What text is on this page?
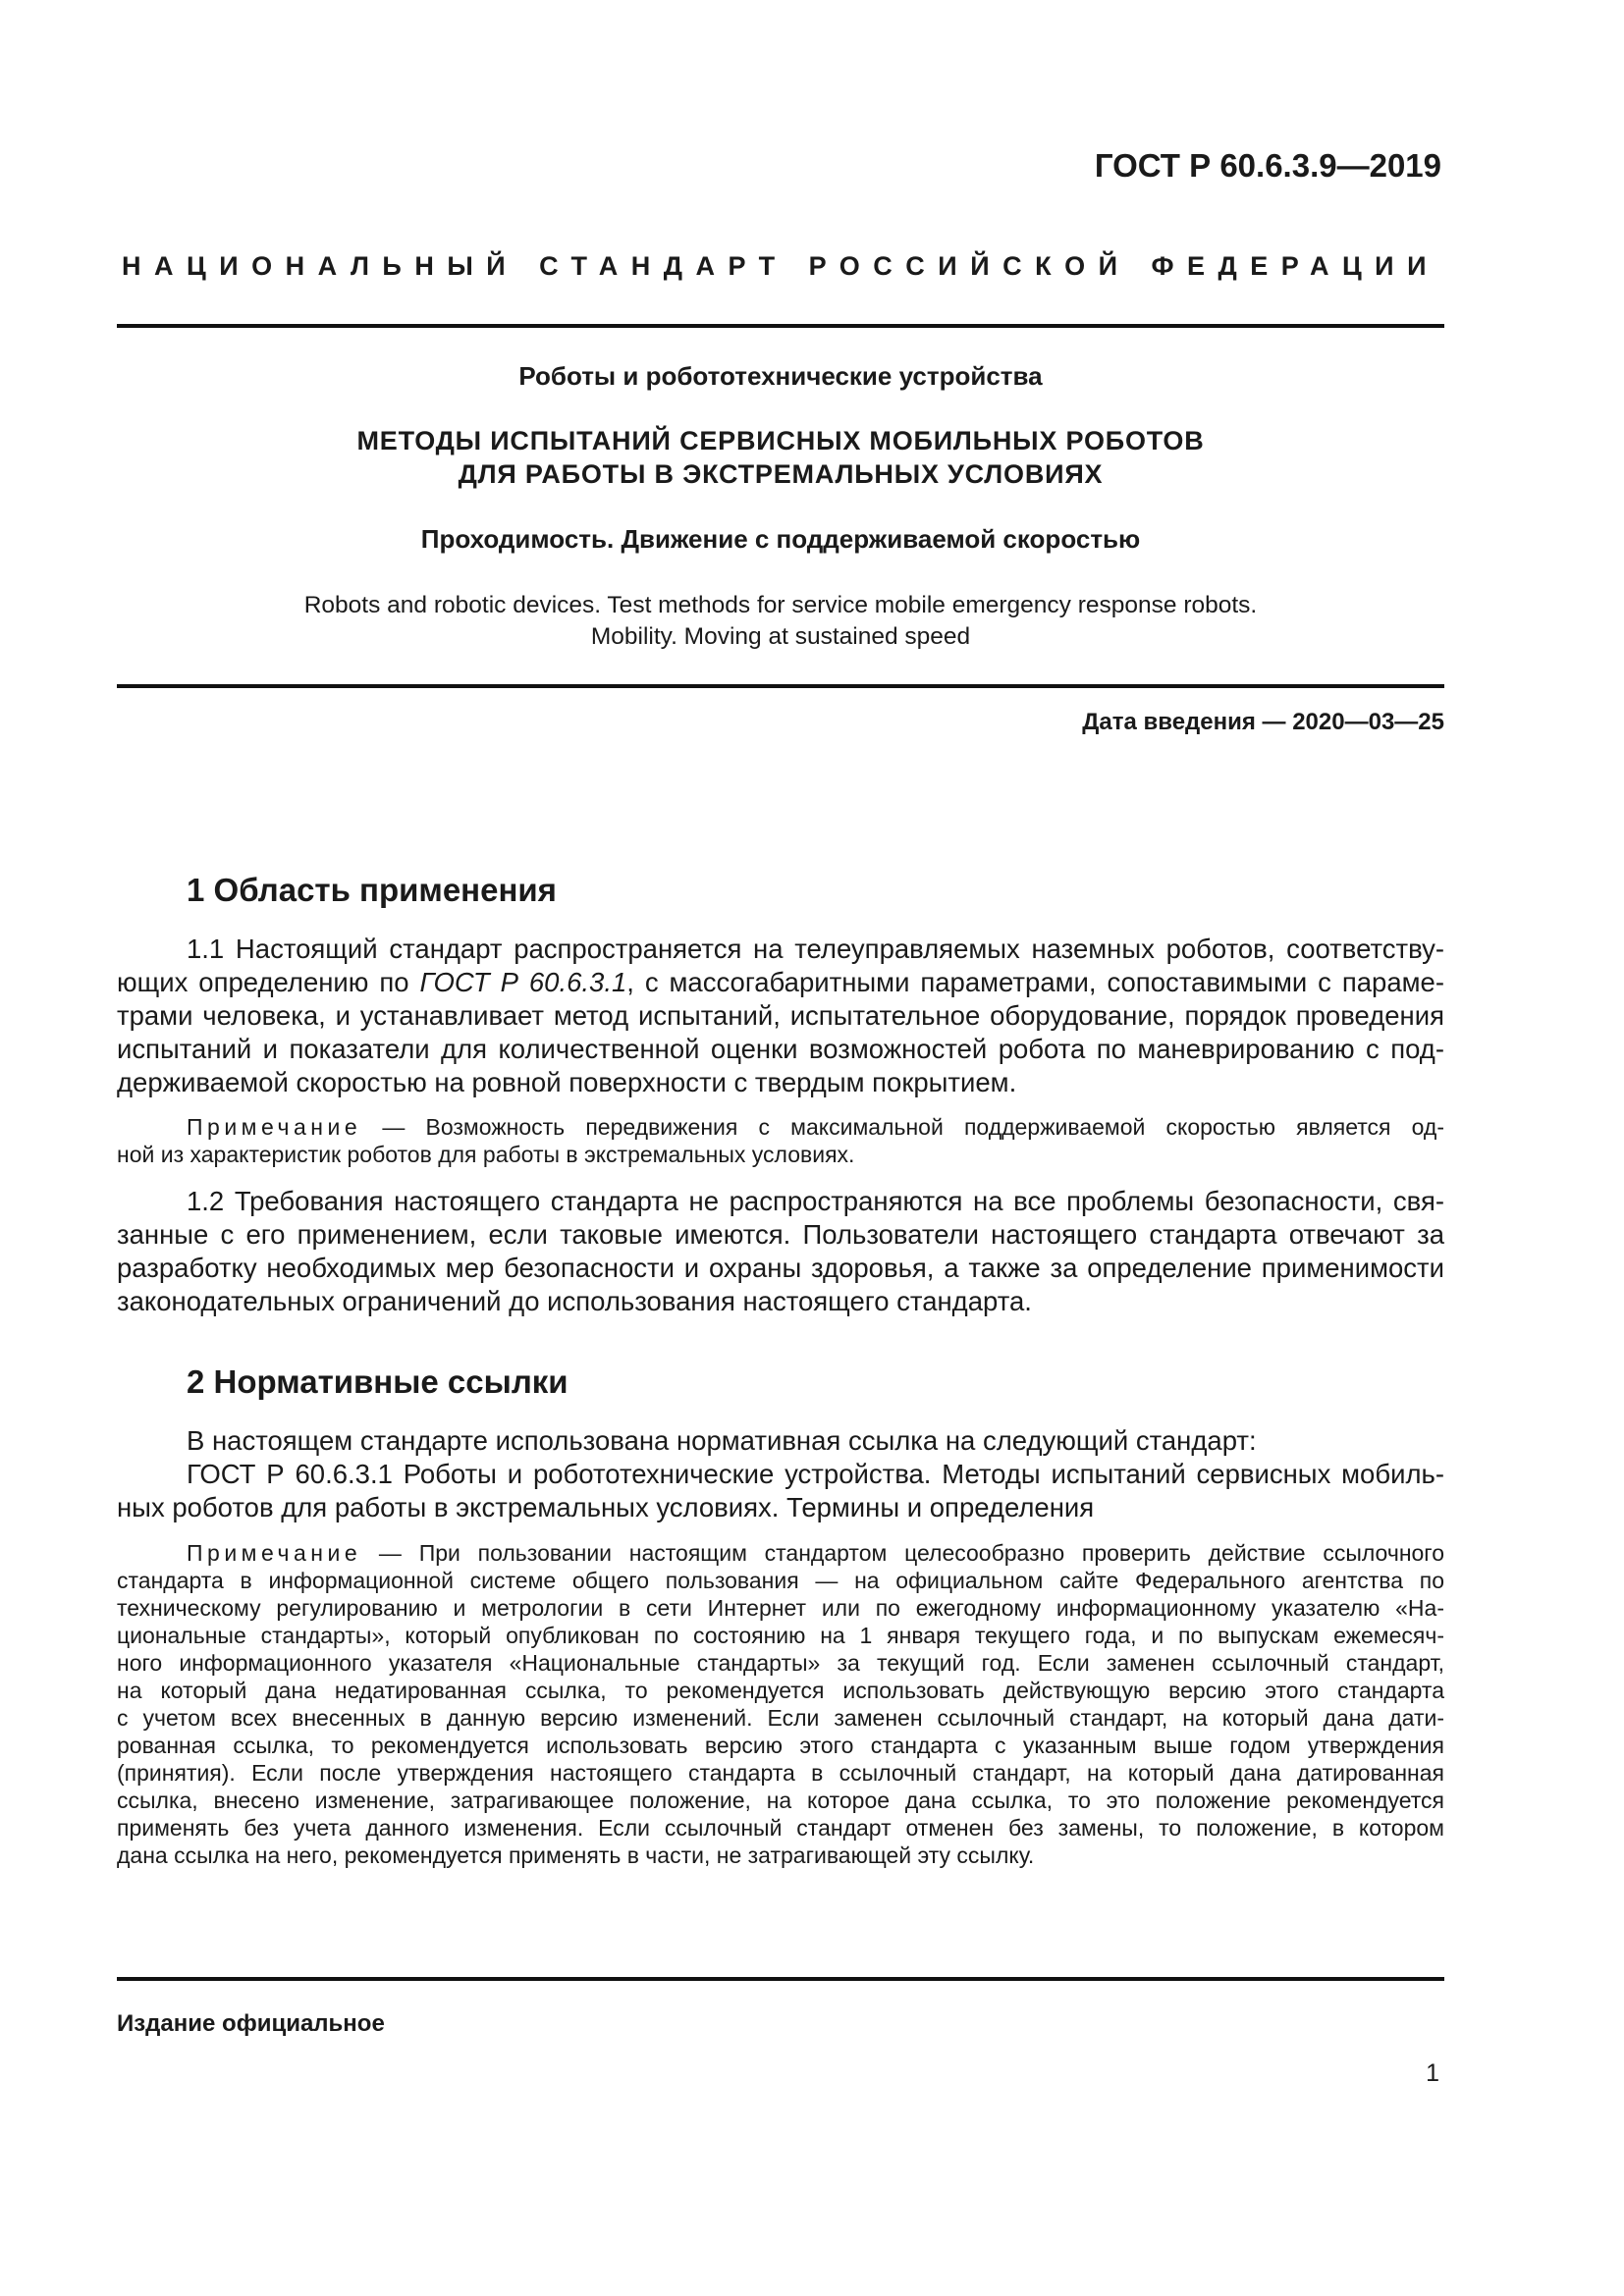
ГОСТ Р 60.6.3.9—2019
НАЦИОНАЛЬНЫЙ СТАНДАРТ РОССИЙСКОЙ ФЕДЕРАЦИИ
Роботы и робототехнические устройства
МЕТОДЫ ИСПЫТАНИЙ СЕРВИСНЫХ МОБИЛЬНЫХ РОБОТОВ
ДЛЯ РАБОТЫ В ЭКСТРЕМАЛЬНЫХ УСЛОВИЯХ
Проходимость. Движение с поддерживаемой скоростью
Robots and robotic devices. Test methods for service mobile emergency response robots.
Mobility. Moving at sustained speed
Дата введения — 2020—03—25
1 Область применения
1.1 Настоящий стандарт распространяется на телеуправляемых наземных роботов, соответству-
ющих определению по ГОСТ Р 60.6.3.1, с массогабаритными параметрами, сопоставимыми с параме-
трами человека, и устанавливает метод испытаний, испытательное оборудование, порядок проведения
испытаний и показатели для количественной оценки возможностей робота по маневрированию с под-
держиваемой скоростью на ровной поверхности с твердым покрытием.
Примечание — Возможность передвижения с максимальной поддерживаемой скоростью является од-
ной из характеристик роботов для работы в экстремальных условиях.
1.2 Требования настоящего стандарта не распространяются на все проблемы безопасности, свя-
занные с его применением, если таковые имеются. Пользователи настоящего стандарта отвечают за
разработку необходимых мер безопасности и охраны здоровья, а также за определение применимости
законодательных ограничений до использования настоящего стандарта.
2 Нормативные ссылки
В настоящем стандарте использована нормативная ссылка на следующий стандарт:
ГОСТ Р 60.6.3.1 Роботы и робототехнические устройства. Методы испытаний сервисных мобиль-
ных роботов для работы в экстремальных условиях. Термины и определения
Примечание — При пользовании настоящим стандартом целесообразно проверить действие ссылочного
стандарта в информационной системе общего пользования — на официальном сайте Федерального агентства по
техническому регулированию и метрологии в сети Интернет или по ежегодному информационному указателю «На-
циональные стандарты», который опубликован по состоянию на 1 января текущего года, и по выпускам ежемесяч-
ного информационного указателя «Национальные стандарты» за текущий год. Если заменен ссылочный стандарт,
на который дана недатированная ссылка, то рекомендуется использовать действующую версию этого стандарта
с учетом всех внесенных в данную версию изменений. Если заменен ссылочный стандарт, на который дана дати-
рованная ссылка, то рекомендуется использовать версию этого стандарта с указанным выше годом утверждения
(принятия). Если после утверждения настоящего стандарта в ссылочный стандарт, на который дана датированная
ссылка, внесено изменение, затрагивающее положение, на которое дана ссылка, то это положение рекомендуется
применять без учета данного изменения. Если ссылочный стандарт отменен без замены, то положение, в котором
дана ссылка на него, рекомендуется применять в части, не затрагивающей эту ссылку.
Издание официальное
1
